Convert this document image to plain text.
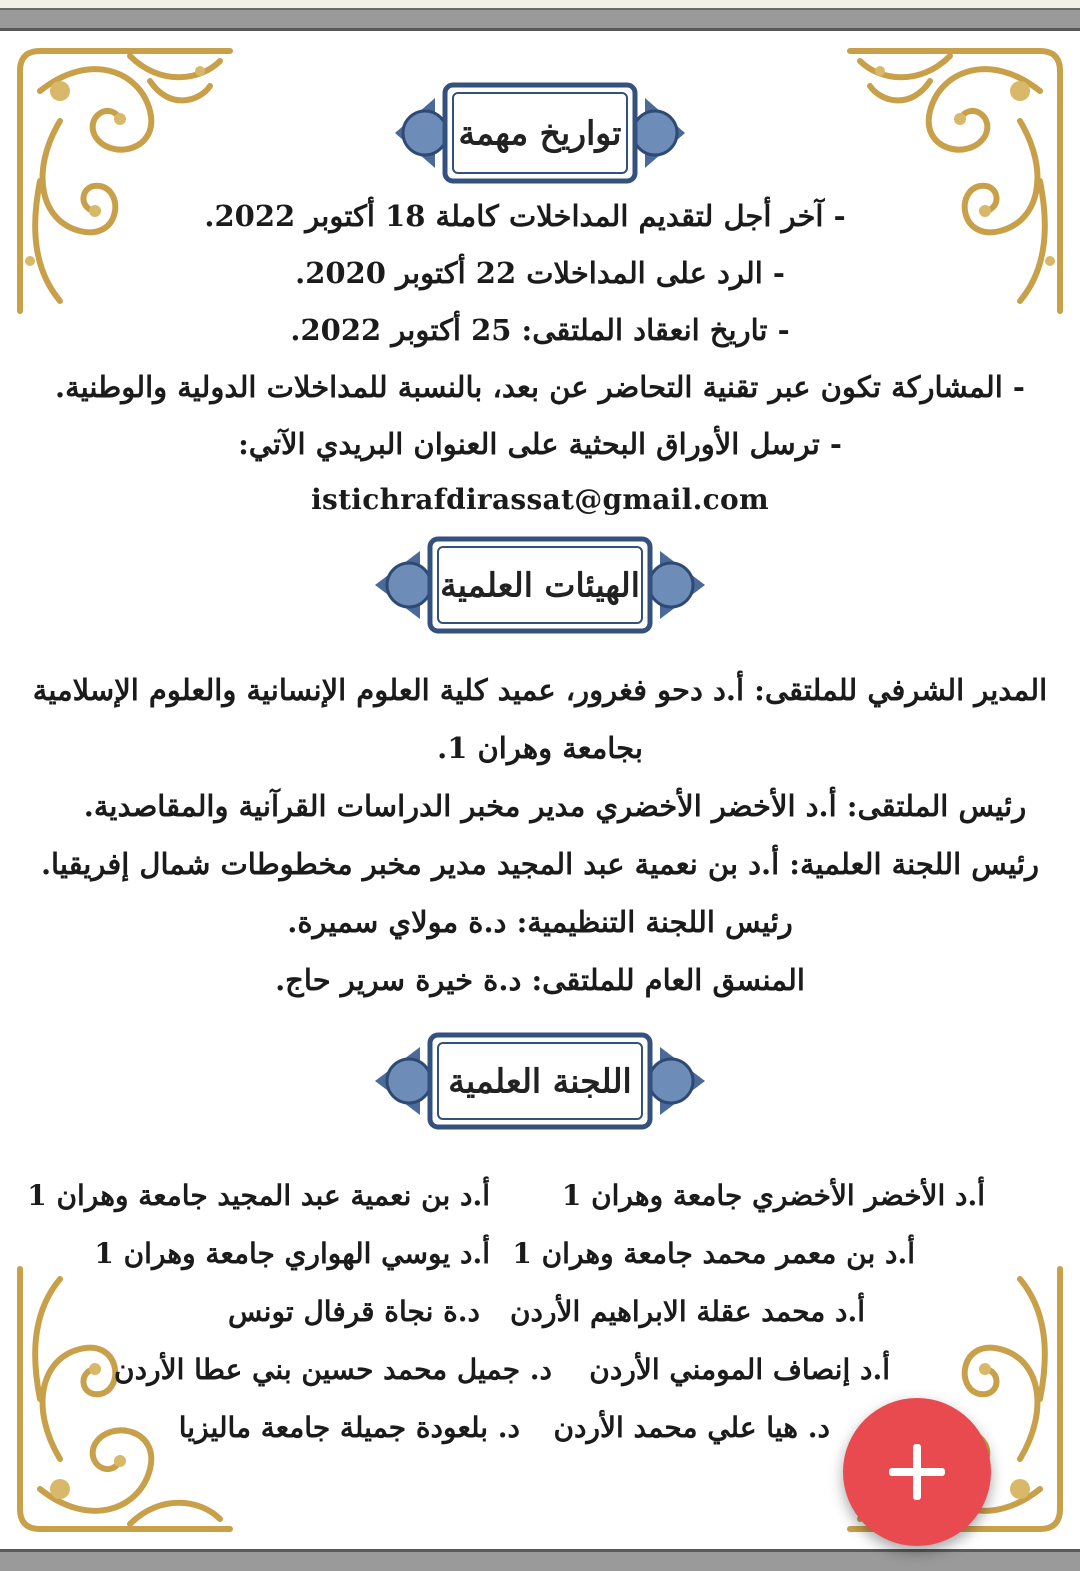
تواريخ مهمة
- آخر أجل لتقديم المداخلات كاملة 18 أكتوبر 2022.
- الرد على المداخلات 22 أكتوبر 2020.
- تاريخ انعقاد الملتقى: 25 أكتوبر 2022.
- المشاركة تكون عبر تقنية التحاضر عن بعد، بالنسبة للمداخلات الدولية والوطنية.
- ترسل الأوراق البحثية على العنوان البريدي الآتي:
istichrafdirassat@gmail.com
الهيئات العلمية
المدير الشرفي للملتقى: أ.د دحو فغرور، عميد كلية العلوم الإنسانية والعلوم الإسلامية
بجامعة وهران 1.
رئيس الملتقى: أ.د الأخضر الأخضري مدير مخبر الدراسات القرآنية والمقاصدية.
رئيس اللجنة العلمية: أ.د بن نعمية عبد المجيد مدير مخبر مخطوطات شمال إفريقيا.
رئيس اللجنة التنظيمية: د.ة مولاي سميرة.
المنسق العام للملتقى: د.ة خيرة سرير حاج.
اللجنة العلمية
أ.د الأخضر الأخضري جامعة وهران 1
أ.د بن نعمية عبد المجيد جامعة وهران 1
أ.د بن معمر محمد جامعة وهران 1
أ.د يوسي الهواري جامعة وهران 1
أ.د محمد عقلة الابراهيم الأردن
د.ة نجاة قرفال تونس
أ.د إنصاف المومني الأردن
د. جميل محمد حسين بني عطا الأردن
د. هيا علي محمد الأردن
د. بلعودة جميلة جامعة ماليزيا
